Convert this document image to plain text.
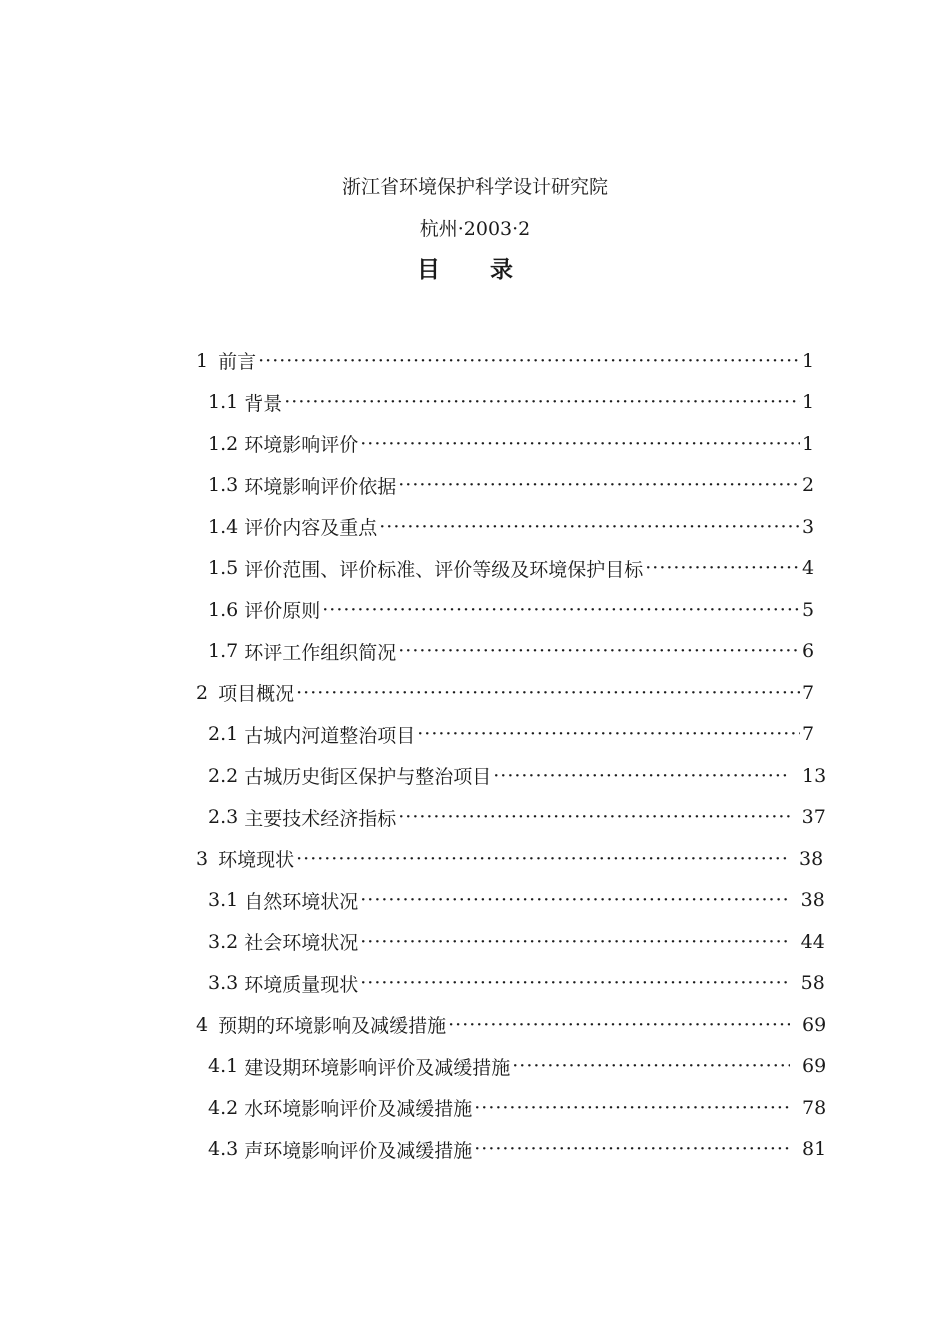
浙江省环境保护科学设计研究院
杭州·2003·2
目录
1 前言 ·····	1
1.1 背景 ·····	1
1.2 环境影响评价 ·····	1
1.3 环境影响评价依据 ·····	2
1.4 评价内容及重点 ·····	3
1.5 评价范围、评价标准、评价等级及环境保护目标 ·····	4
1.6 评价原则 ·····	5
1.7 环评工作组织简况 ·····	6
2 项目概况 ·····	7
2.1 古城内河道整治项目 ·····	7
2.2 古城历史街区保护与整治项目 ·····	13
2.3 主要技术经济指标 ·····	37
3 环境现状 ·····	38
3.1 自然环境状况 ·····	38
3.2 社会环境状况 ·····	44
3.3 环境质量现状 ·····	58
4 预期的环境影响及减缓措施 ·····	69
4.1 建设期环境影响评价及减缓措施 ·····	69
4.2 水环境影响评价及减缓措施 ·····	78
4.3 声环境影响评价及减缓措施 ·····	81
